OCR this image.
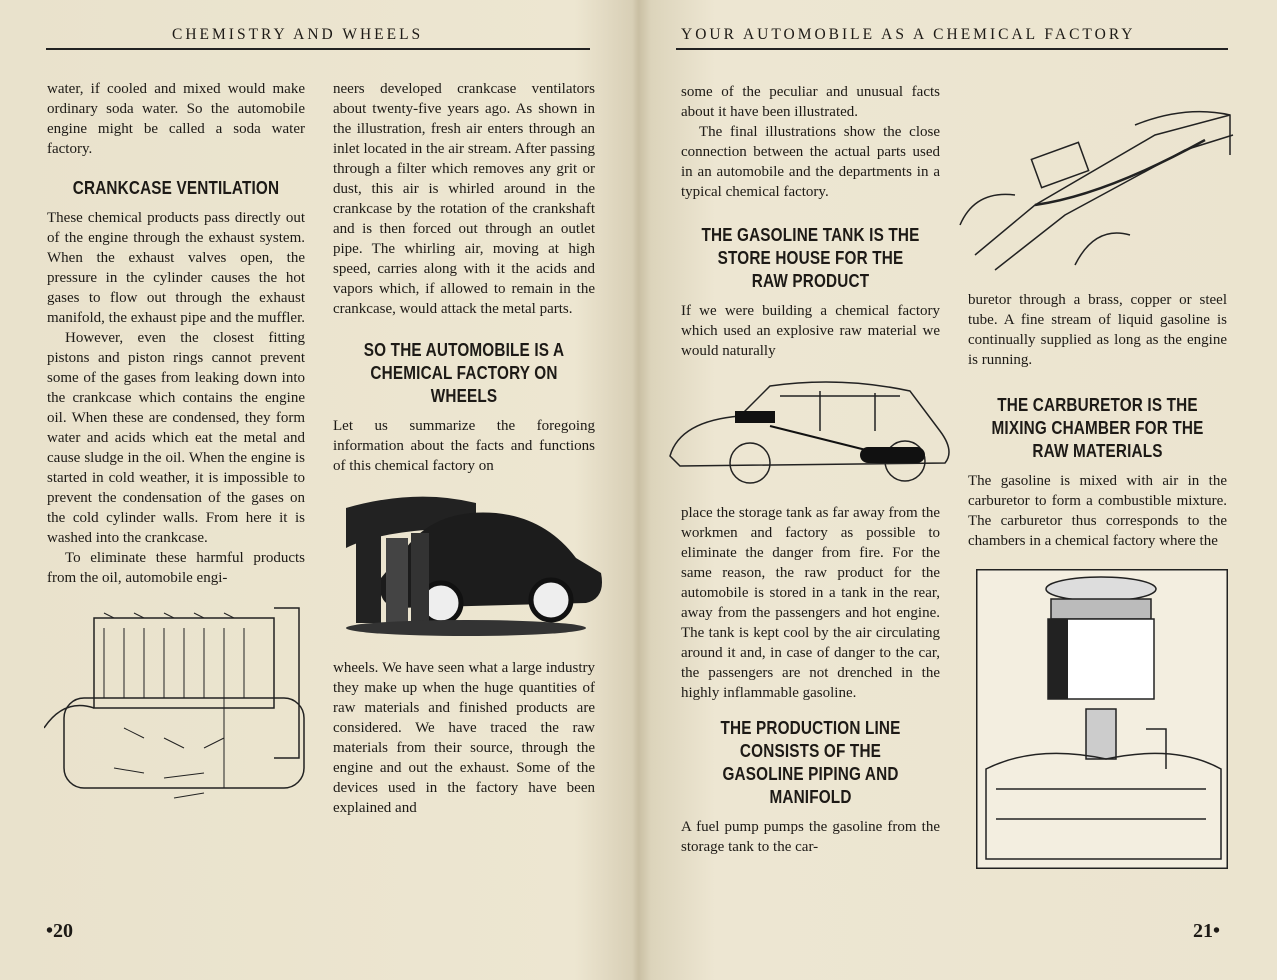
CHEMISTRY AND WHEELS
water, if cooled and mixed would make ordinary soda water. So the automobile engine might be called a soda water factory.
CRANKCASE VENTILATION
These chemical products pass directly out of the engine through the exhaust system. When the exhaust valves open, the pressure in the cylinder causes the hot gases to flow out through the exhaust manifold, the exhaust pipe and the muffler.
However, even the closest fitting pistons and piston rings cannot prevent some of the gases from leaking down into the crankcase which contains the engine oil. When these are condensed, they form water and acids which eat the metal and cause sludge in the oil. When the engine is started in cold weather, it is impossible to prevent the condensation of the gases on the cold cylinder walls. From here it is washed into the crankcase.
To eliminate these harmful products from the oil, automobile engi-
neers developed crankcase ventilators about twenty-five years ago. As shown in the illustration, fresh air enters through an inlet located in the air stream. After passing through a filter which removes any grit or dust, this air is whirled around in the crankcase by the rotation of the crankshaft and is then forced out through an outlet pipe. The whirling air, moving at high speed, carries along with it the acids and vapors which, if allowed to remain in the crankcase, would attack the metal parts.
SO THE AUTOMOBILE IS A CHEMICAL FACTORY ON WHEELS
Let us summarize the foregoing information about the facts and functions of this chemical factory on
wheels. We have seen what a large industry they make up when the huge quantities of raw materials and finished products are considered. We have traced the raw materials from their source, through the engine and out the exhaust. Some of the devices used in the factory have been explained and
•20
YOUR AUTOMOBILE AS A CHEMICAL FACTORY
some of the peculiar and unusual facts about it have been illustrated.
The final illustrations show the close connection between the actual parts used in an automobile and the departments in a typical chemical factory.
THE GASOLINE TANK IS THE STORE HOUSE FOR THE RAW PRODUCT
If we were building a chemical factory which used an explosive raw material we would naturally
place the storage tank as far away from the workmen and factory as possible to eliminate the danger from fire. For the same reason, the raw product for the automobile is stored in a tank in the rear, away from the passengers and hot engine. The tank is kept cool by the air circulating around it and, in case of danger to the car, the passengers are not drenched in the highly inflammable gasoline.
THE PRODUCTION LINE CONSISTS OF THE GASOLINE PIPING AND MANIFOLD
A fuel pump pumps the gasoline from the storage tank to the car-
buretor through a brass, copper or steel tube. A fine stream of liquid gasoline is continually supplied as long as the engine is running.
THE CARBURETOR IS THE MIXING CHAMBER FOR THE RAW MATERIALS
The gasoline is mixed with air in the carburetor to form a combustible mixture. The carburetor thus corresponds to the chambers in a chemical factory where the
21•
